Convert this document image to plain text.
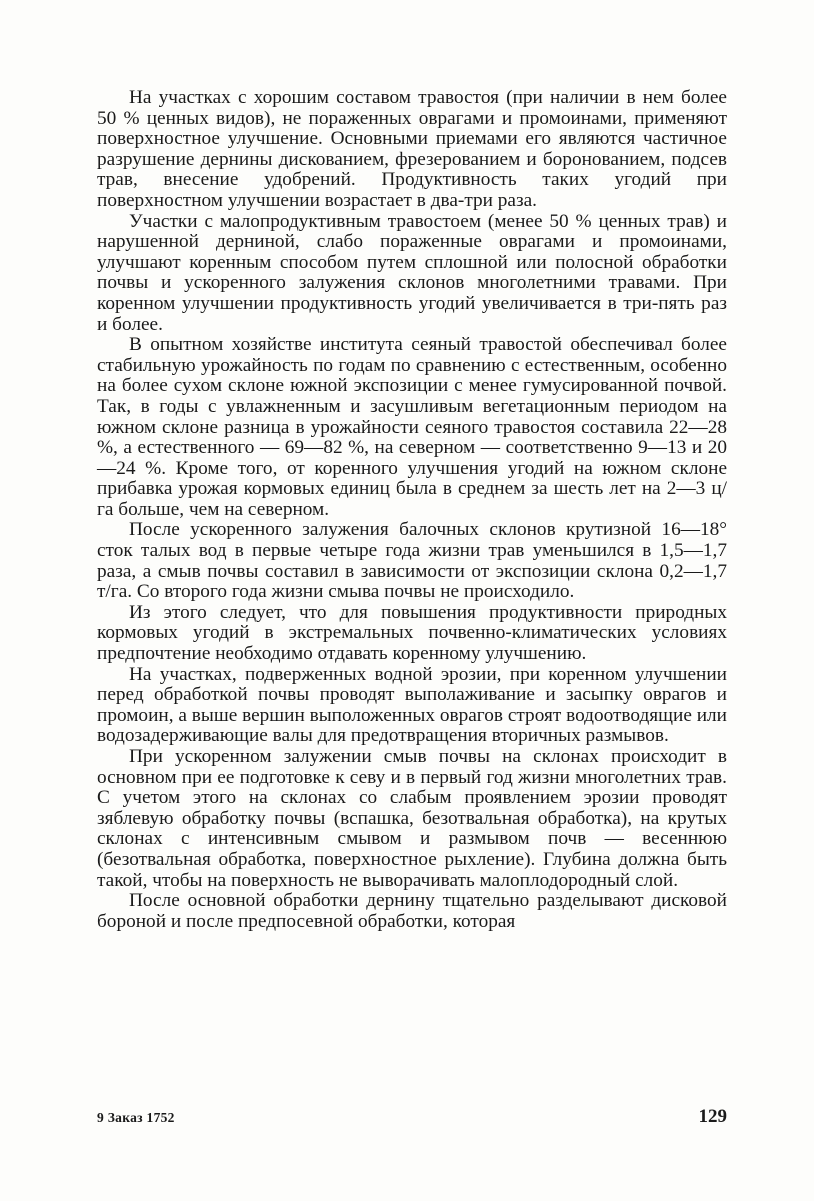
На участках с хорошим составом травостоя (при наличии в нем более 50 % ценных видов), не пораженных оврагами и промоинами, применяют поверхностное улучшение. Основными приемами его являются частичное разрушение дернины дискованием, фрезерованием и боронованием, подсев трав, внесение удобрений. Продуктивность таких угодий при поверхностном улучшении возрастает в два-три раза.

Участки с малопродуктивным травостоем (менее 50 % ценных трав) и нарушенной дерниной, слабо пораженные оврагами и промоинами, улучшают коренным способом путем сплошной или полосной обработки почвы и ускоренного залужения склонов многолетними травами. При коренном улучшении продуктивность угодий увеличивается в три-пять раз и более.

В опытном хозяйстве института сеяный травостой обеспечивал более стабильную урожайность по годам по сравнению с естественным, особенно на более сухом склоне южной экспозиции с менее гумусированной почвой. Так, в годы с увлажненным и засушливым вегетационным периодом на южном склоне разница в урожайности сеяного травостоя составила 22—28 %, а естественного — 69—82 %, на северном — соответственно 9—13 и 20—24 %. Кроме того, от коренного улучшения угодий на южном склоне прибавка урожая кормовых единиц была в среднем за шесть лет на 2—3 ц/га больше, чем на северном.

После ускоренного залужения балочных склонов крутизной 16—18° сток талых вод в первые четыре года жизни трав уменьшился в 1,5—1,7 раза, а смыв почвы составил в зависимости от экспозиции склона 0,2—1,7 т/га. Со второго года жизни смыва почвы не происходило.

Из этого следует, что для повышения продуктивности природных кормовых угодий в экстремальных почвенно-климатических условиях предпочтение необходимо отдавать коренному улучшению.

На участках, подверженных водной эрозии, при коренном улучшении перед обработкой почвы проводят выполаживание и засыпку оврагов и промоин, а выше вершин выположенных оврагов строят водоотводящие или водозадерживающие валы для предотвращения вторичных размывов.

При ускоренном залужении смыв почвы на склонах происходит в основном при ее подготовке к севу и в первый год жизни многолетних трав. С учетом этого на склонах со слабым проявлением эрозии проводят зяблевую обработку почвы (вспашка, безотвальная обработка), на крутых склонах с интенсивным смывом и размывом почв — весеннюю (безотвальная обработка, поверхностное рыхление). Глубина должна быть такой, чтобы на поверхность не выворачивать малоплодородный слой.

После основной обработки дернину тщательно разделывают дисковой бороной и после предпосевной обработки, которая

9 Заказ 1752	129
